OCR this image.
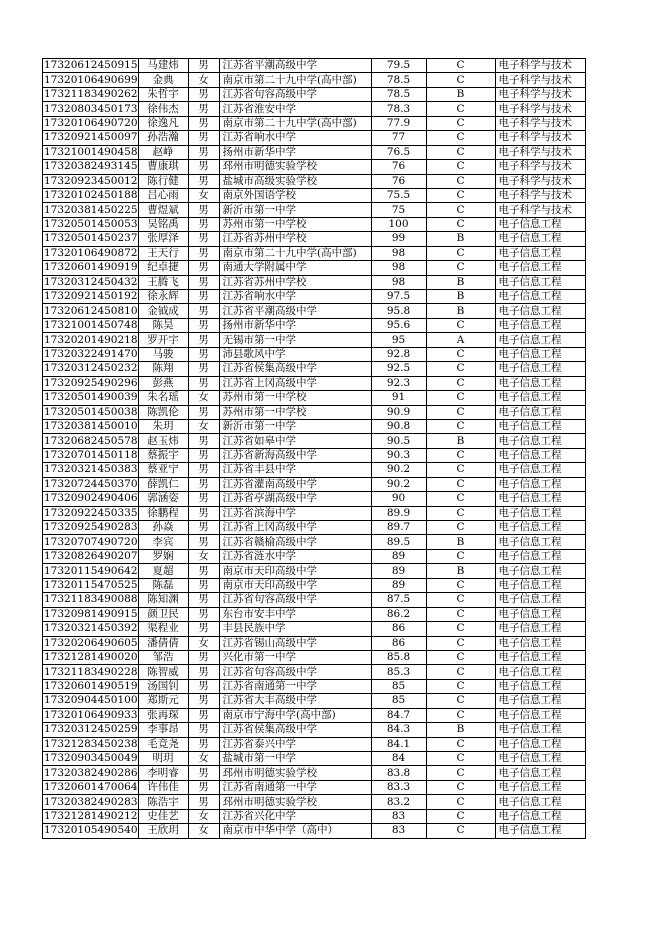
17320612450915	马建炜	男	江苏省平潮高级中学	79.5	C	电子科学与技术
17320106490699	金典	女	南京市第二十九中学(高中部)	78.5	C	电子科学与技术
17321183490262	朱哲宇	男	江苏省句容高级中学	78.5	B	电子科学与技术
17320803450173	徐伟杰	男	江苏省淮安中学	78.3	C	电子科学与技术
17320106490720	徐逸凡	男	南京市第二十九中学(高中部)	77.9	C	电子科学与技术
17320921450097	孙浩瀚	男	江苏省响水中学	77	C	电子科学与技术
17321001490458	赵峥	男	扬州市新华中学	76.5	C	电子科学与技术
17320382493145	曹康琪	男	邳州市明德实验学校	76	C	电子科学与技术
17320923450012	陈行健	男	盐城市高级实验学校	76	C	电子科学与技术
17320102450188	吕心雨	女	南京外国语学校	75.5	C	电子科学与技术
17320381450225	曹煜斌	男	新沂市第一中学	75	C	电子科学与技术
17320501450053	吴铭禹	男	苏州市第一中学校	100	C	电子信息工程
17320501450237	张厚泽	男	江苏省苏州中学校	99	B	电子信息工程
17320106490872	王天行	男	南京市第二十九中学(高中部)	98	C	电子信息工程
17320601490919	纪卓捷	男	南通大学附属中学	98	C	电子信息工程
17320312450432	王腾飞	男	江苏省苏州中学校	98	B	电子信息工程
17320921450192	徐永辉	男	江苏省响水中学	97.5	B	电子信息工程
17320612450810	金钺成	男	江苏省平潮高级中学	95.8	B	电子信息工程
17321001450748	陈昊	男	扬州市新华中学	95.6	C	电子信息工程
17320201490218	罗开宇	男	无锡市第一中学	95	A	电子信息工程
17320322491470	马骏	男	沛县歌风中学	92.8	C	电子信息工程
17320312450232	陈翔	男	江苏省侯集高级中学	92.5	C	电子信息工程
17320925490296	彭燕	男	江苏省上冈高级中学	92.3	C	电子信息工程
17320501490039	朱名瑶	女	苏州市第一中学校	91	C	电子信息工程
17320501450038	陈凯伦	男	苏州市第一中学校	90.9	C	电子信息工程
17320381450010	朱玥	女	新沂市第一中学	90.8	C	电子信息工程
17320682450578	赵玉炜	男	江苏省如皋中学	90.5	B	电子信息工程
17320701450118	蔡振宇	男	江苏省新海高级中学	90.3	C	电子信息工程
17320321450383	蔡亚宁	男	江苏省丰县中学	90.2	C	电子信息工程
17320724450370	薛凯仁	男	江苏省灌南高级中学	90.2	C	电子信息工程
17320902490406	郭涵姿	男	江苏省亭湖高级中学	90	C	电子信息工程
17320922450335	徐鹏程	男	江苏省滨海中学	89.9	C	电子信息工程
17320925490283	孙焱	男	江苏省上冈高级中学	89.7	C	电子信息工程
17320707490720	李宾	男	江苏省赣榆高级中学	89.5	B	电子信息工程
17320826490207	罗娴	女	江苏省涟水中学	89	C	电子信息工程
17320115490642	夏超	男	南京市天印高级中学	89	B	电子信息工程
17320115470525	陈磊	男	南京市天印高级中学	89	C	电子信息工程
17321183490088	陈知渊	男	江苏省句容高级中学	87.5	C	电子信息工程
17320981490915	颜卫民	男	东台市安丰中学	86.2	C	电子信息工程
17320321450392	渠程业	男	丰县民族中学	86	C	电子信息工程
17320206490605	潘倩倩	女	江苏省锡山高级中学	86	C	电子信息工程
17321281490020	邹浩	男	兴化市第一中学	85.8	C	电子信息工程
17321183490228	陈智威	男	江苏省句容高级中学	85.3	C	电子信息工程
17320601490519	汤国钊	男	江苏省南通第一中学	85	C	电子信息工程
17320904450100	郑斯元	男	江苏省大丰高级中学	85	C	电子信息工程
17320106490933	张再琛	男	南京市宁海中学(高中部)	84.7	C	电子信息工程
17320312450259	李事昂	男	江苏省侯集高级中学	84.3	B	电子信息工程
17321283450238	毛竞尧	男	江苏省泰兴中学	84.1	C	电子信息工程
17320903450049	明玥	女	盐城市第一中学	84	C	电子信息工程
17320382490286	李明睿	男	邳州市明德实验学校	83.8	C	电子信息工程
17320601470064	许伟佳	男	江苏省南通第一中学	83.3	C	电子信息工程
17320382490283	陈浩宇	男	邳州市明德实验学校	83.2	C	电子信息工程
17321281490212	史佳艺	女	江苏省兴化中学	83	C	电子信息工程
17320105490540	王欣玥	女	南京市中华中学（高中）	83	C	电子信息工程
